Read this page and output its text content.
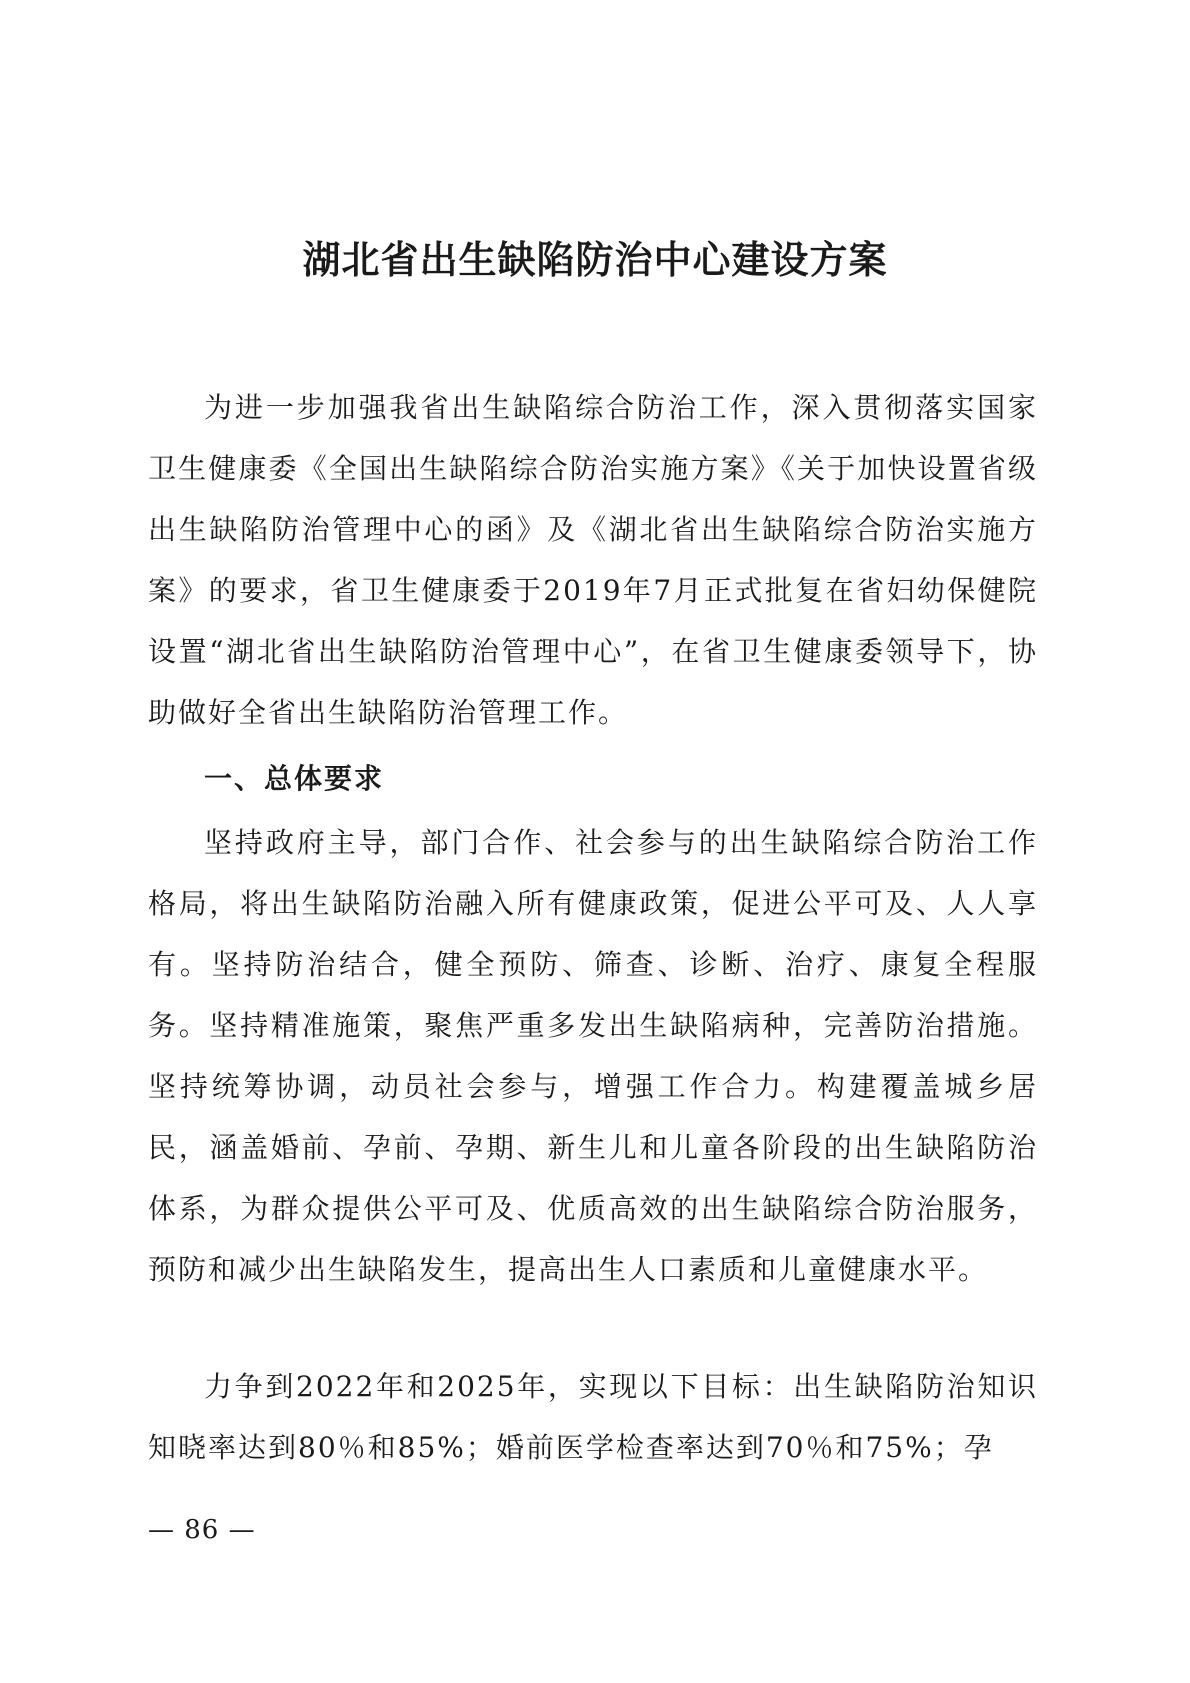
湖北省出生缺陷防治中心建设方案

为进一步加强我省出生缺陷综合防治工作，深入贯彻落实国家卫生健康委《全国出生缺陷综合防治实施方案》《关于加快设置省级出生缺陷防治管理中心的函》及《湖北省出生缺陷综合防治实施方案》的要求，省卫生健康委于2019年7月正式批复在省妇幼保健院设置“湖北省出生缺陷防治管理中心”，在省卫生健康委领导下，协助做好全省出生缺陷防治管理工作。

一、总体要求

坚持政府主导，部门合作、社会参与的出生缺陷综合防治工作格局，将出生缺陷防治融入所有健康政策，促进公平可及、人人享有。坚持防治结合，健全预防、筛查、诊断、治疗、康复全程服务。坚持精准施策，聚焦严重多发出生缺陷病种，完善防治措施。坚持统筹协调，动员社会参与，增强工作合力。构建覆盖城乡居民，涵盖婚前、孕前、孕期、新生儿和儿童各阶段的出生缺陷防治体系，为群众提供公平可及、优质高效的出生缺陷综合防治服务，预防和减少出生缺陷发生，提高出生人口素质和儿童健康水平。

力争到2022年和2025年，实现以下目标：出生缺陷防治知识知晓率达到80％和85%；婚前医学检查率达到70％和75%；孕

— 86 —
